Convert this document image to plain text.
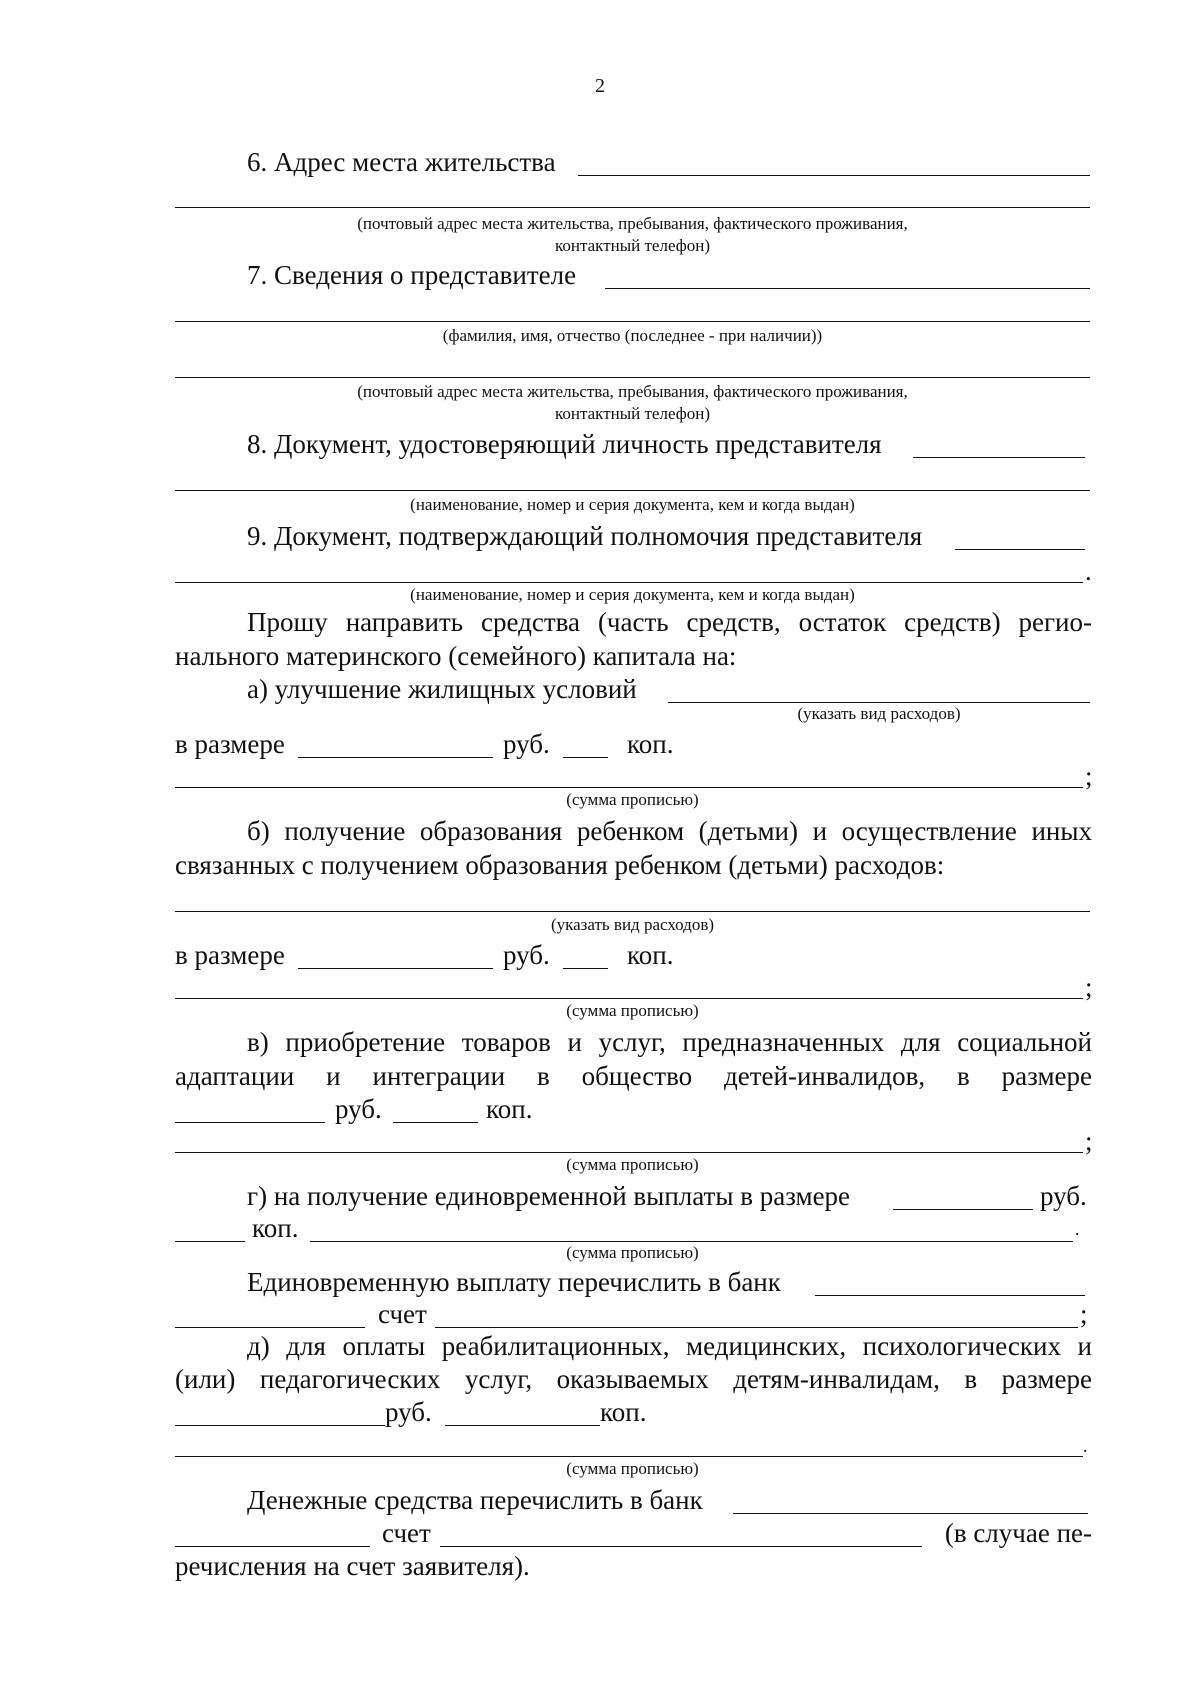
2
6. Адрес места жительства
(почтовый адрес места жительства, пребывания, фактического проживания,
контактный телефон)
7. Сведения о представителе
(фамилия, имя, отчество (последнее - при наличии))
(почтовый адрес места жительства, пребывания, фактического проживания,
контактный телефон)
8. Документ, удостоверяющий личность представителя
(наименование, номер и серия документа, кем и когда выдан)
9. Документ, подтверждающий полномочия представителя
.
(наименование, номер и серия документа, кем и когда выдан)
Прошу направить средства (часть средств, остаток средств) регио-
нального материнского (семейного) капитала на:
а) улучшение жилищных условий
(указать вид расходов)
в размере	руб.	коп.
;
(сумма прописью)
б) получение образования ребенком (детьми) и осуществление иных
связанных с получением образования ребенком (детьми) расходов:
(указать вид расходов)
в размере	руб.	коп.
;
(сумма прописью)
в) приобретение товаров и услуг, предназначенных для социальной
адаптации и интеграции в общество детей-инвалидов, в размере
руб.	коп.
;
(сумма прописью)
г) на получение единовременной выплаты в размере	руб.
коп.	.
(сумма прописью)
Единовременную выплату перечислить в банк
счет	;
д) для оплаты реабилитационных, медицинских, психологических и
(или) педагогических услуг, оказываемых детям-инвалидам, в размере
руб.	коп.
.
(сумма прописью)
Денежные средства перечислить в банк
счет	(в случае пе-
речисления на счет заявителя).
